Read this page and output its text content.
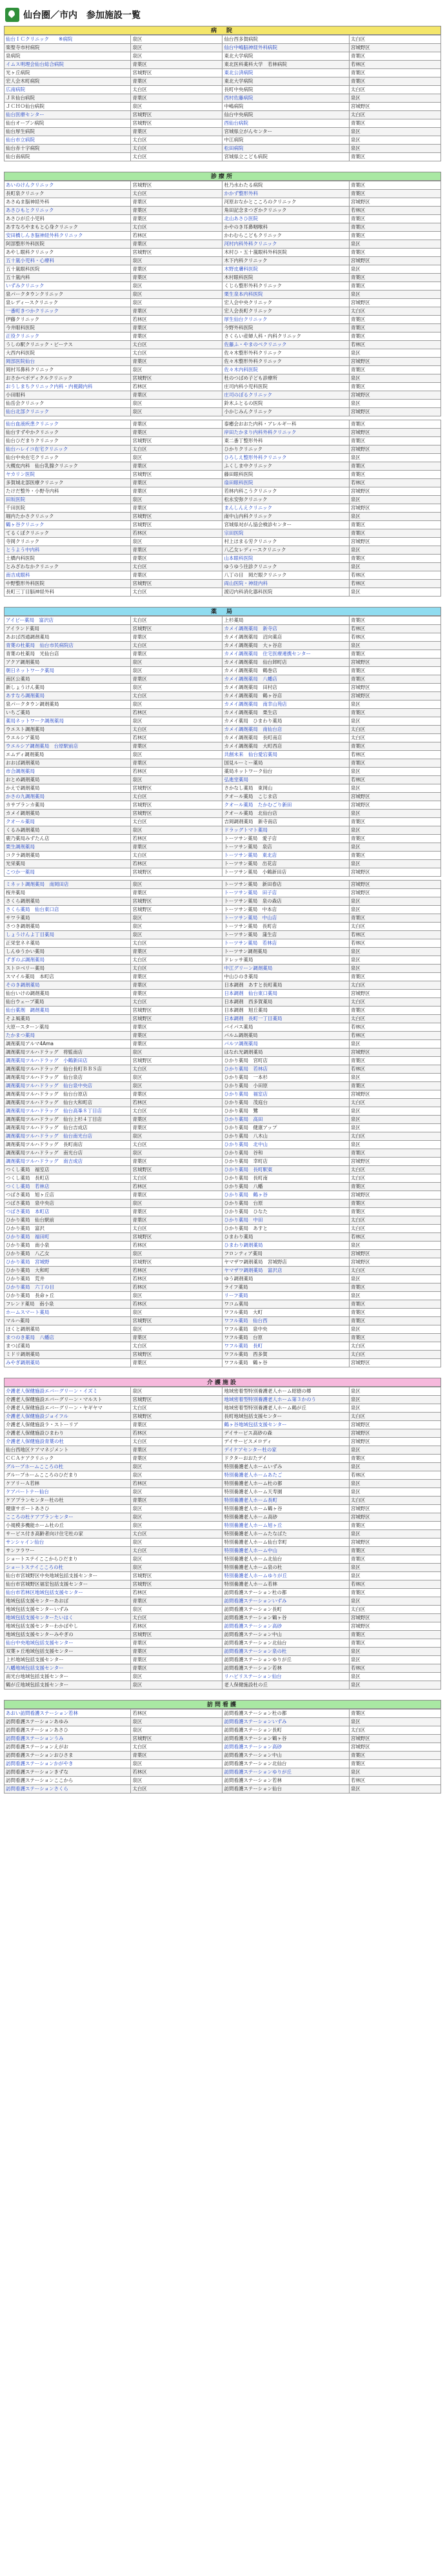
仙台圏／市内　参加施設一覧
病　院
仙台ＩＣクリニック　　※病院	泉区	仙台西多賀病院	太白区
楽聖寺市村病院	泉区	仙台中嶋脳神経外科病院	宮城野区
泉病院	泉区	東北大学病院	青葉区
イムス明理会仙台総合病院	青葉区	東北医科薬科大学　若林病院	若林区
光ヶ丘病院	宮城野区	東北公済病院	青葉区
宏人会木町病院	青葉区	東北大学病院	青葉区
広南病院	太白区	長町中央病院	太白区
ＪＲ仙台病院	青葉区	西村佐藤病院	泉区
ＪＣＨＯ仙台病院	泉区	中嶋病院	宮城野区
仙台医療センター	宮城野区	仙台中央病院	太白区
仙台オープン病院	宮城野区	西仙台病院	青葉区
仙台厚生病院	青葉区	宮城県立がんセンター	泉区
仙台市立病院	太白区	中江病院	泉区
仙台赤十字病院	太白区	松田病院	泉区
仙台南病院	太白区	宮城県立こども病院	青葉区
診療所
あいのけんクリニック	宮城野区	杜乃水わたる病院	青葉区
長町泉クリニック	太白区	かかず整形外科	青葉区
あさぬま脳神経外科	青葉区	河原おなかとこころのクリニック	宮城野区
あさひもとクリニック	青葉区	角田記念まつざかクリニック	若林区
あさひが丘小児科	青葉区	北山あさひ医院	青葉区
あすなろやまもと心身クリニック	太白区	かやのき耳鼻咽喉科	青葉区
安田橋しんき脳神経外科クリニック	若林区	かわむらこどもクリニック	青葉区
阿部整形外科医院	青葉区	河村内科外科クリニック	泉区
あやし眼科クリニック	宮城野区	木村ひ・五十嵐眼科外科医院	青葉区
五十嵐小児科・心療科	泉区	木下内科クリニック	宮城野区
五十嵐眼科医院	青葉区	木野皮膚科医院	泉区
五十嵐内科	青葉区	木村眼科医院	青葉区
いずみクリニック	泉区	くじら整形外科クリニック	青葉区
泉パークタウンクリニック	泉区	栗生泉本内科医院	泉区
泉レディースクリニック	泉区	宏人会中央クリニック	宮城野区
一番町きつかクリニック	青葉区	宏人会長町クリニック	太白区
伊藤クリニック	若林区	厚生仙台クリニック	青葉区
今井眼科医院	青葉区	今野外科医院	青葉区
正役クリニック	青葉区	さくらい産婦人科・内科クリニック	青葉区
うしの駅クリニック・ビーナス	太白区	佐藤ふ・やまのべクリニック	若林区
大西内科医院	太白区	佐々木整形外科クリニック	泉区
岡部医院仙台	青葉区	佐々木整形外科クリニック	宮城野区
岡村耳鼻科クリニック	泉区	佐々木内科医院	青葉区
おさかべボディクルクリニック	宮城野区	杜のつばめ子ども診療所	泉区
おうしまちクリニック内科・内視鏡内科	若林区	庄司内科小児科医院	青葉区
小田眼科	青葉区	庄司のぼるクリニック	宮城野区
仙岳会クリニック	泉区	鈴木ふとるの医院	泉区
仙台北部クリニック	泉区	小かじみんクリニック	宮城野区

仙台血液疾患クリニック	青葉区	泰癒会おおた内科・アレルギー科	青葉区
仙台すずやかクリニック	青葉区	岸田たかまり内科外科クリニック	宮城野区
仙台ひだまりクリニック	宮城野区	東二番丁整形外科	青葉区
仙台ハレイコ在宅クリニック	太白区	ひかりクリニック	宮城野区
仙台中央在宅クリニック	泉区	ひろしえ整形外科クリニック	泉区
大槻皮内科　仙台乳腺クリニック	青葉区	ふくしま中クリニック	青葉区
ヤカリン医院	宮城野区	藤田眼科医院	青葉区
多賀城北部医療クリニック	青葉区	扇田眼科医院	若林区
たけだ整外・小野寺内科	青葉区	若林内科こうクリニック	宮城野区
田坂医院	泉区	松永安弥クリニック	泉区
千田医院	青葉区	まんしんえクリニック	宮城野区
堀内たかさクリニック	宮城野区	南中山内科クリニック	泉区
鶴ヶ谷クリニック	宮城野区	宮城県対がん協会検診センター	青葉区
てるくぼクリニック	若林区	宗田医院	青葉区
寺岡クリニック	泉区	村上ほまる労クリニック	宮城野区
とうよう中内科	青葉区	八乙女レディースクリニック	泉区
土橋内科医院	青葉区	山本眼科医院	青葉区
とみざわなかクリニック	太白区	ゆうゆう往診クリニック	泉区
南吉成眼科	青葉区	八丁の目　岡だ眼クリニック	若林区
中野整形外科医院	宮城野区	両山医院・神経内科	若林区
長町三丁目脳神経外科	太白区	渡辺内科消化器科医院	泉区
薬　局
アイビー薬局　富沢店	太白区	上杉薬局	青葉区
アイランド薬局	宮城野区	カメイ調剤薬局　新寺店	若林区
あおば西通調剤薬局	青葉区	カメイ調剤薬局　沼向薬店	若林区
青葉の杜薬局　仙台市民病院店	太白区	カメイ調剤薬局　大ヶ谷店	泉区
青葉の杜薬局　光仙台店	青葉区	カメイ調剤薬局　住宅医療連携センター	青葉区
アクア調剤薬局	泉区	カメイ調剤薬局　仙台卸町店	宮城野区
朝日ネットワーク薬局	泉区	カメイ調剤薬局　鶴巻店	青葉区
南区公薬局	青葉区	カメイ調剤薬局　八幡店	青葉区
新しょうけん薬局	泉区	カメイ調剤薬局　田村店	宮城野区
あすなろ調剤薬局	太白区	カメイ調剤薬局　鶴ヶ谷店	宮城野区
泉パークタウン調剤薬局	泉区	カメイ調剤薬局　南幸山苑店	泉区
いちご薬局	若林区	カメイ調剤薬局　栗生店	青葉区
薬局ネットワーク調剤薬局	泉区	カメイ薬局　ひまわり薬局	泉区
ウエスト調剤薬局	太白区	カメイ調剤薬局　南仙台店	太白区
ウエルシア薬局	若林区	カメイ調剤薬局　長町南店	太白区
ウエルシア調剤薬局　台原駅前店	青葉区	カメイ調剤薬局　大町西店	青葉区
エムディ調剤薬局	泉区	共創未来　仙台愛宕薬局	若林区
おおば調剤薬局	青葉区	国見ルーミー薬局	青葉区
市合調剤薬局	若林区	薬局ネットワーク仙台	泉区
おとめ調剤薬局	泉区	弘進堂薬局	若林区
かえで調剤薬局	宮城野区	さかなし薬局　東岡山	泉区
かさの九調剤薬局	太白区	クオール薬局　こじま店	宮城野区
カサブランカ薬局	宮城野区	クオール薬局　たかむごり新田	宮城野区
カメイ調剤薬局	宮城野区	クオール薬局　北仙台店	泉区
クオール薬局	太白区	吉岡調剤薬局　新寺南店	青葉区
くるみ調剤薬局	泉区	ドラッグトマト薬局	泉区
鹿乃薬局みずたん店	若林区	トーツサン薬局　愛子店	青葉区
栗生調剤薬局	青葉区	トーツサン薬局　泉店	泉区
コクラ調剤薬局	太白区	トーツサン薬局　東北店	青葉区
光栄薬局	若林区	トーツサン薬局　出花店	泉区
こつか一薬局	宮城野区	トーツサン薬局　小鶴新田店	宮城野区

ミネット調剤薬局　南岡田店	泉区	トーツサン薬局　新田春店	宮城野区
桜井薬局	青葉区	トーツサン薬局　田子店	宮城野区
さくら調剤薬局	宮城野区	トーツサン薬局　泉の森店	泉区
さくら薬局　仙台東口店	宮城野区	トーツサン薬局　中本店	泉区
サワラ薬局	泉区	トーツサン薬局　中山店	青葉区
さつき調剤薬局	泉区	トーツサン薬局　長町店	太白区
しょうけんよ丁目薬局	泉区	トーツサン薬局　蒲生店	若林区
正栄堂ネネ薬局	太白区	トーツサン薬局　若林店	若林区
しんゆうかい薬局	青葉区	トーツサン調剤薬局	泉区
ずぎのぶ調剤薬局	太白区	ドレッサ薬局	泉区
ストロベリー薬局	太白区	中江グリーン調剤薬局	泉区
スマイル薬局　本町店	青葉区	中山ひのき薬局	青葉区
そのき調剤薬局	青葉区	日本調剤　あすと長町薬局	太白区
仙台いけの調剤薬局	青葉区	日本調剤　仙台東口薬局	宮城野区
仙台ウェーブ薬局	太白区	日本調剤　西多賀薬局	太白区
仙台薬剤　調剤薬局	宮城野区	日本調剤　旭丘薬局	青葉区
そよ風薬局	宮城野区	日本調剤　長町一丁目薬局	太白区
大原ースターン薬局	青葉区	バイパス薬局	若林区
たかまつ薬局	青葉区	パルム調剤薬局	若林区
調剤薬局アルマ4Ama	青葉区	パルツ調剤薬局	泉区
調剤薬局ツルハドラッグ　将監南店	泉区	はなれ光調剤薬局	宮城野区
調剤薬局ツルハドラッグ　小鶴新田店	宮城野区	ひかり薬局　宮町店	青葉区
調剤薬局ツルハドラッグ　仙台長町ＢＢＳ店	太白区	ひかり薬局　若林店	若林区
調剤薬局ツルハドラッグ　仙台泉店	泉区	ひかり薬局　一本杉	泉区
調剤薬局ツルハドラッグ　仙台泉中央店	泉区	ひかり薬局　小田原	青葉区
調剤薬局ツルハドラッグ　仙台台原店	青葉区	ひかり薬局　福室店	宮城野区
調剤薬局ツルハドラッグ　仙台大和町店	若林区	ひかり薬局　茂庭台	太白区
調剤薬局ツルハドラッグ　仙台高峯８丁目店	太白区	ひかり薬局　鷺	泉区
調剤薬局ツルハドラッグ　仙台上杉４丁目店	青葉区	ひかり薬局　高田	泉区
調剤薬局ツルハドラッグ　仙台吉成店	青葉区	ひかり薬局　健康アップ	泉区
調剤薬局ツルハドラッグ　仙台南光台店	泉区	ひかり薬局　八木山	太白区
調剤薬局ツルハドラッグ　長町南店	太白区	ひかり薬局　北中山	泉区
調剤薬局ツルハドラッグ　南光台店	泉区	ひかり薬局　谷和	青葉区
調剤薬局ツルハドラッグ　南吉成店	青葉区	ひかり薬局　幸町店	宮城野区
つくし薬局　福室店	宮城野区	ひかり薬局　長町駅東	太白区
つくし薬局　長町店	太白区	ひかり薬局　長町南	太白区
つくし薬局　若林店	若林区	ひかり薬局　八幡	青葉区
つばさ薬局　旭ヶ丘店	青葉区	ひかり薬局　鶴ヶ谷	宮城野区
つばさ薬局　泉中央店	泉区	ひかり薬局　台原	青葉区
つばさ薬局　本町店	青葉区	ひかり薬局　ひなた	青葉区
ひかり薬局　仙台駅前	青葉区	ひかり薬局　中田	太白区
ひかり薬局　富沢	太白区	ひかり薬局　あすと	太白区
ひかり薬局　福田町	宮城野区	ひまわり薬局	若林区
ひかり薬局　南小泉	若林区	ひまわり調剤薬局	泉区
ひかり薬局　八乙女	泉区	フロンティア薬局	宮城野区
ひかり薬局　宮城野	宮城野区	ヤマザワ調剤薬局　宮城野店	宮城野区
ひかり薬局　大和町	若林区	ヤマザワ調剤薬局　富沢店	太白区
ひかり薬局　荒井	若林区	ゆう調剤薬局	泉区
ひかり薬局　六丁の目	若林区	ライフ薬局	青葉区
ひかり薬局　長命ヶ丘	泉区	リーフ薬局	泉区
フレンド薬局　南小泉	若林区	ワコム薬局	青葉区
ホームスマート薬局	泉区	ワフル薬局　大町	青葉区
マルハ薬局	宮城野区	ワフル薬局　仙台西	青葉区
ほくと調剤薬局	泉区	ワフル薬局　泉中央	泉区
まつのき薬局　八幡店	青葉区	ワフル薬局　台原	青葉区
まつば薬局	太白区	ワフル薬局　長町	太白区
ミドリ調剤薬局	宮城野区	ワフル薬局　西多賀	太白区
みやぎ調剤薬局	青葉区	ワフル薬局　鶴ヶ谷	宮城野区
介護施設
介護老人保健施設エバーグリーン・イズミ	泉区	地域密着型特別養護老人ホーム昭徳の郷	泉区
介護老人保健施設エバーグリーン・マルスト	宮城野区	地域密着型特別養護老人ホーム第３かのう	泉区
介護老人保健施設エバーグリーン・ヤギヤマ	太白区	地域密着型特別養護老人ホーム鶴が丘	泉区
介護老人保健施設ジョイフル	宮城野区	長町地域包括支援センター	太白区
介護老人保健施設ラ・ストーリア	青葉区	鶴ヶ谷地域包括支援センター	宮城野区
介護老人保健施設ひまわり	若林区	デイサービス高砂の森	宮城野区
介護老人保健施設青葉の杜	太白区	デイサービスメロディ	宮城野区
仙台西地区ケアマネジメント	青葉区	デイケアセンター杜の家	泉区
ＣＣＡケアクリニック	青葉区	ドクターおおたデイ	青葉区
グループホームこころの杜	泉区	特別養護老人ホームいずみ	泉区
グループホームこころのひだまり	泉区	特別養護老人ホームあたご	若林区
ケアリーＡ若林	若林区	特別養護老人ホーム杜の都	泉区
ケアパートナー仙台	泉区	特別養護老人ホーム天寿園	泉区
ケアプランセンター杜の杜	青葉区	特別養護老人ホーム長町	太白区
健康サポートあさひ	泉区	特別養護老人ホーム鶴ヶ谷	宮城野区
こころの杜ケアプランセンター	泉区	特別養護老人ホーム高砂	宮城野区
小規模多機能ホーム杜の丘	泉区	特別養護老人ホーム旭ヶ丘	青葉区
サービス付き高齢者向け住宅杜の家	太白区	特別養護老人ホームたなばた	泉区
サンシャイン仙台	泉区	特別養護老人ホーム仙台幸町	宮城野区
サンフラワー	太白区	特別養護老人ホーム中山	青葉区
ショートステイここからひだまり	泉区	特別養護老人ホーム北仙台	青葉区
ショートステイこころの杜	泉区	特別養護老人ホーム泉の杜	泉区
仙台市宮城野区中央地域包括支援センター	宮城野区	特別養護老人ホームゆりが丘	泉区
仙台市宮城野区福室包括支援センター	宮城野区	特別養護老人ホーム若林	若林区
仙台市若林区地域包括支援センター	若林区	訪問看護ステーション杜の都	青葉区
地域包括支援センターあおば	青葉区	訪問看護ステーションいずみ	泉区
地域包括支援センターいずみ	泉区	訪問看護ステーション長町	太白区
地域包括支援センターたいはく	太白区	訪問看護ステーション鶴ヶ谷	宮城野区
地域包括支援センターわかばやし	若林区	訪問看護ステーション高砂	宮城野区
地域包括支援センターみやぎの	宮城野区	訪問看護ステーション中山	青葉区
仙台中央地域包括支援センター	青葉区	訪問看護ステーション北仙台	青葉区
双葉ヶ丘地域包括支援センター	青葉区	訪問看護ステーション泉の杜	泉区
上杉地域包括支援センター	青葉区	訪問看護ステーションゆりが丘	泉区
八幡地域包括支援センター	青葉区	訪問看護ステーション若林	若林区
南光台地域包括支援センター	泉区	リハビリステーション仙台	泉区
鶴が丘地域包括支援センター	泉区	老人保健施設杜の丘	泉区
訪問看護
あおい訪問看護ステーション若林	若林区	訪問看護ステーション杜の都	青葉区
訪問看護ステーションあゆみ	泉区	訪問看護ステーションいずみ	泉区
訪問看護ステーションあさひ	泉区	訪問看護ステーション長町	太白区
訪問看護ステーションうみ	宮城野区	訪問看護ステーション鶴ヶ谷	宮城野区
訪問看護ステーションえがお	太白区	訪問看護ステーション高砂	宮城野区
訪問看護ステーションおひさま	青葉区	訪問看護ステーション中山	青葉区
訪問看護ステーションかがやき	泉区	訪問看護ステーション北仙台	青葉区
訪問看護ステーションきずな	若林区	訪問看護ステーションゆりが丘	泉区
訪問看護ステーションここから	泉区	訪問看護ステーション若林	若林区
訪問看護ステーションさくら	太白区	訪問看護ステーション仙台	泉区
